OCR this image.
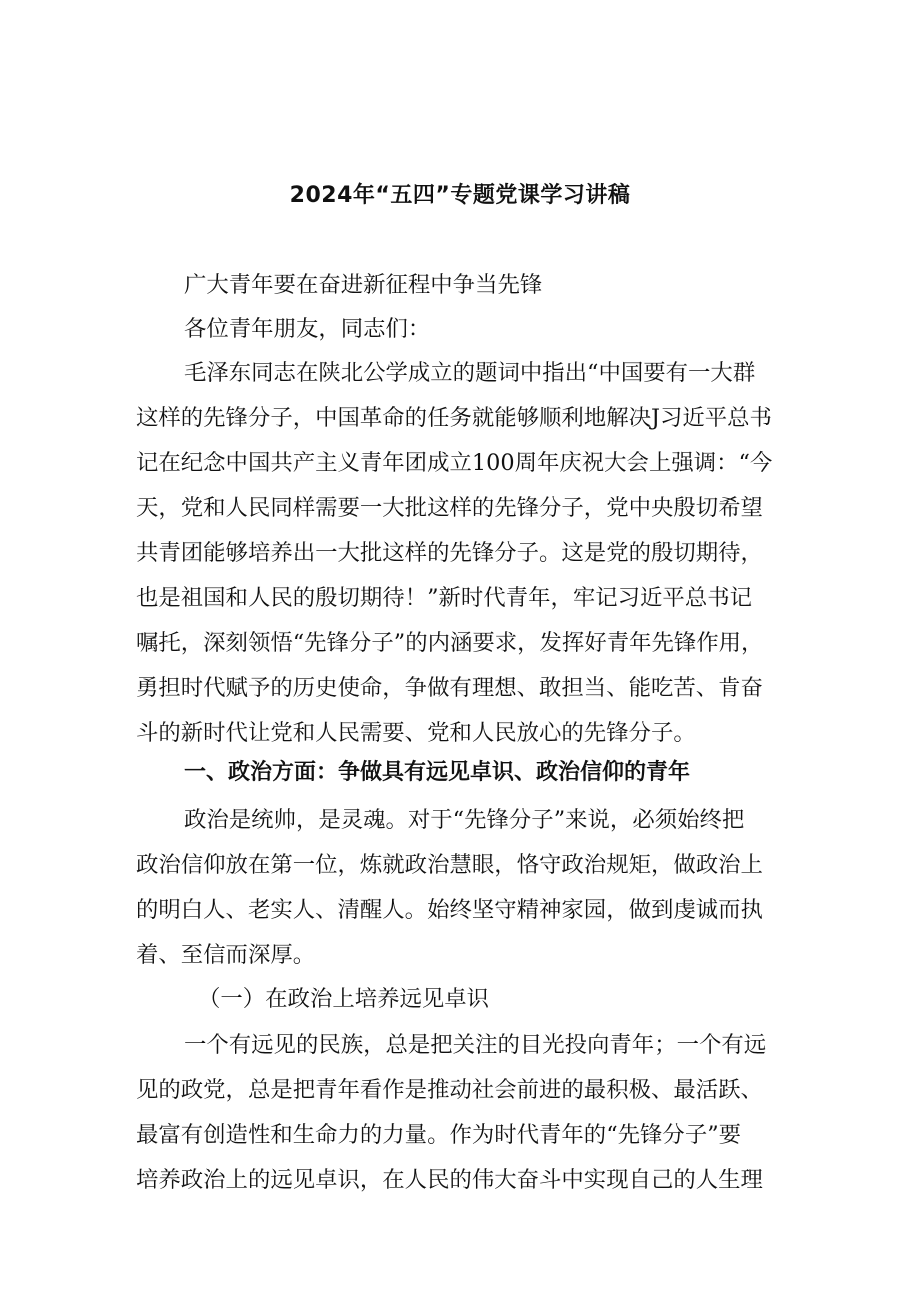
2024年“五四”专题党课学习讲稿
广大青年要在奋进新征程中争当先锋
各位青年朋友，同志们：
毛泽东同志在陕北公学成立的题词中指出“中国要有一大群
这样的先锋分子，中国革命的任务就能够顺利地解决J习近平总书
记在纪念中国共产主义青年团成立100周年庆祝大会上强调：“今
天，党和人民同样需要一大批这样的先锋分子，党中央殷切希望
共青团能够培养出一大批这样的先锋分子。这是党的殷切期待，
也是祖国和人民的殷切期待！”新时代青年，牢记习近平总书记
嘱托，深刻领悟“先锋分子”的内涵要求，发挥好青年先锋作用，
勇担时代赋予的历史使命，争做有理想、敢担当、能吃苦、肯奋
斗的新时代让党和人民需要、党和人民放心的先锋分子。
一、政治方面：争做具有远见卓识、政治信仰的青年
政治是统帅，是灵魂。对于“先锋分子”来说，必须始终把
政治信仰放在第一位，炼就政治慧眼，恪守政治规矩，做政治上
的明白人、老实人、清醒人。始终坚守精神家园，做到虔诚而执
着、至信而深厚。
（一）在政治上培养远见卓识
一个有远见的民族，总是把关注的目光投向青年；一个有远
见的政党，总是把青年看作是推动社会前进的最积极、最活跃、
最富有创造性和生命力的力量。作为时代青年的“先锋分子”要
培养政治上的远见卓识，在人民的伟大奋斗中实现自己的人生理
